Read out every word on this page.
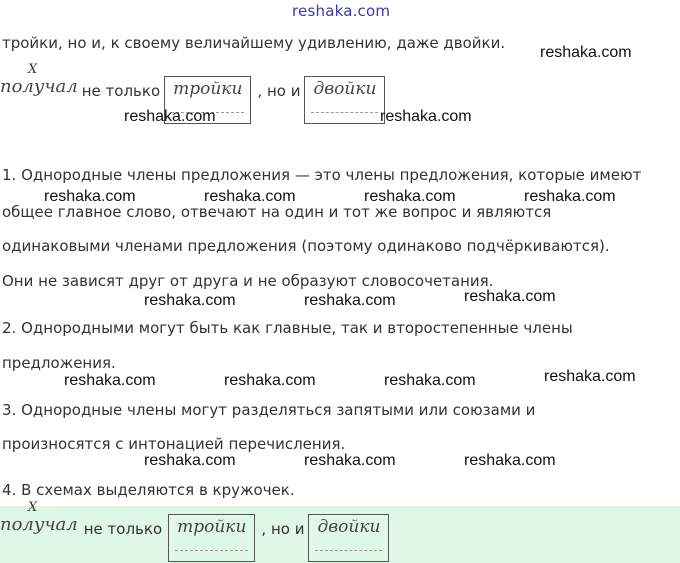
reshaka.com
тройки, но и, к своему величайшему удивлению, даже двойки.
reshaka.com
X
получал не только тройки	, но и двойки
reshaka.com	reshaka.com
1. Однородные члены предложения — это члены предложения, которые имеют
reshaka.com	reshaka.com	reshaka.com	reshaka.com
общее главное слово, отвечают на один и тот же вопрос и являются
одинаковыми членами предложения (поэтому одинаково подчёркиваются).
Они не зависят друг от друга и не образуют словосочетания.
reshaka.com	reshaka.com	reshaka.com
2. Однородными могут быть как главные, так и второстепенные члены
предложения.
reshaka.com	reshaka.com	reshaka.com	reshaka.com
3. Однородные члены могут разделяться запятыми или союзами и
произносятся с интонацией перечисления.
reshaka.com	reshaka.com	reshaka.com
4. В схемах выделяются в кружочек.
X
получал не только тройки	, но и двойки
